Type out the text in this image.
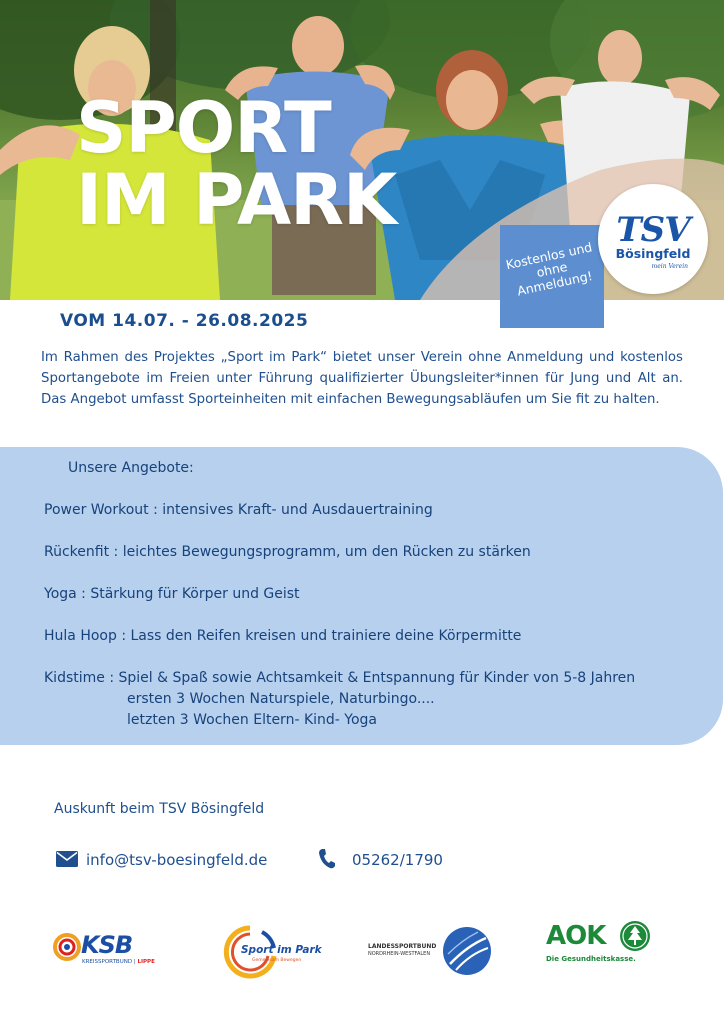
SPORT
IM PARK
Kostenlos und ohne Anmeldung!
TSV
Bösingfeld
mein Verein
VOM 14.07. - 26.08.2025

Im Rahmen des Projektes „Sport im Park“ bietet unser Verein ohne Anmeldung und kostenlos Sportangebote im Freien unter Führung qualifizierter Übungsleiter*innen für Jung und Alt an. Das Angebot umfasst Sporteinheiten mit einfachen Bewegungsabläufen um Sie fit zu halten.

Unsere Angebote:
Power Workout : intensives Kraft- und Ausdauertraining
Rückenfit : leichtes Bewegungsprogramm, um den Rücken zu stärken
Yoga : Stärkung für Körper und Geist
Hula Hoop : Lass den Reifen kreisen und trainiere deine Körpermitte
Kidstime : Spiel & Spaß sowie Achtsamkeit & Entspannung für Kinder von 5-8 Jahren
ersten 3 Wochen Naturspiele, Naturbingo....
letzten 3 Wochen Eltern- Kind- Yoga
Auskunft beim TSV Bösingfeld
info@tsv-boesingfeld.de	05262/1790
KSB
KREISSPORTBUND | LIPPE
Sport im Park
Gemeinsam Bewegen
LANDESSPORTBUND
NORDRHEIN-WESTFALEN
AOK
Die Gesundheitskasse.
